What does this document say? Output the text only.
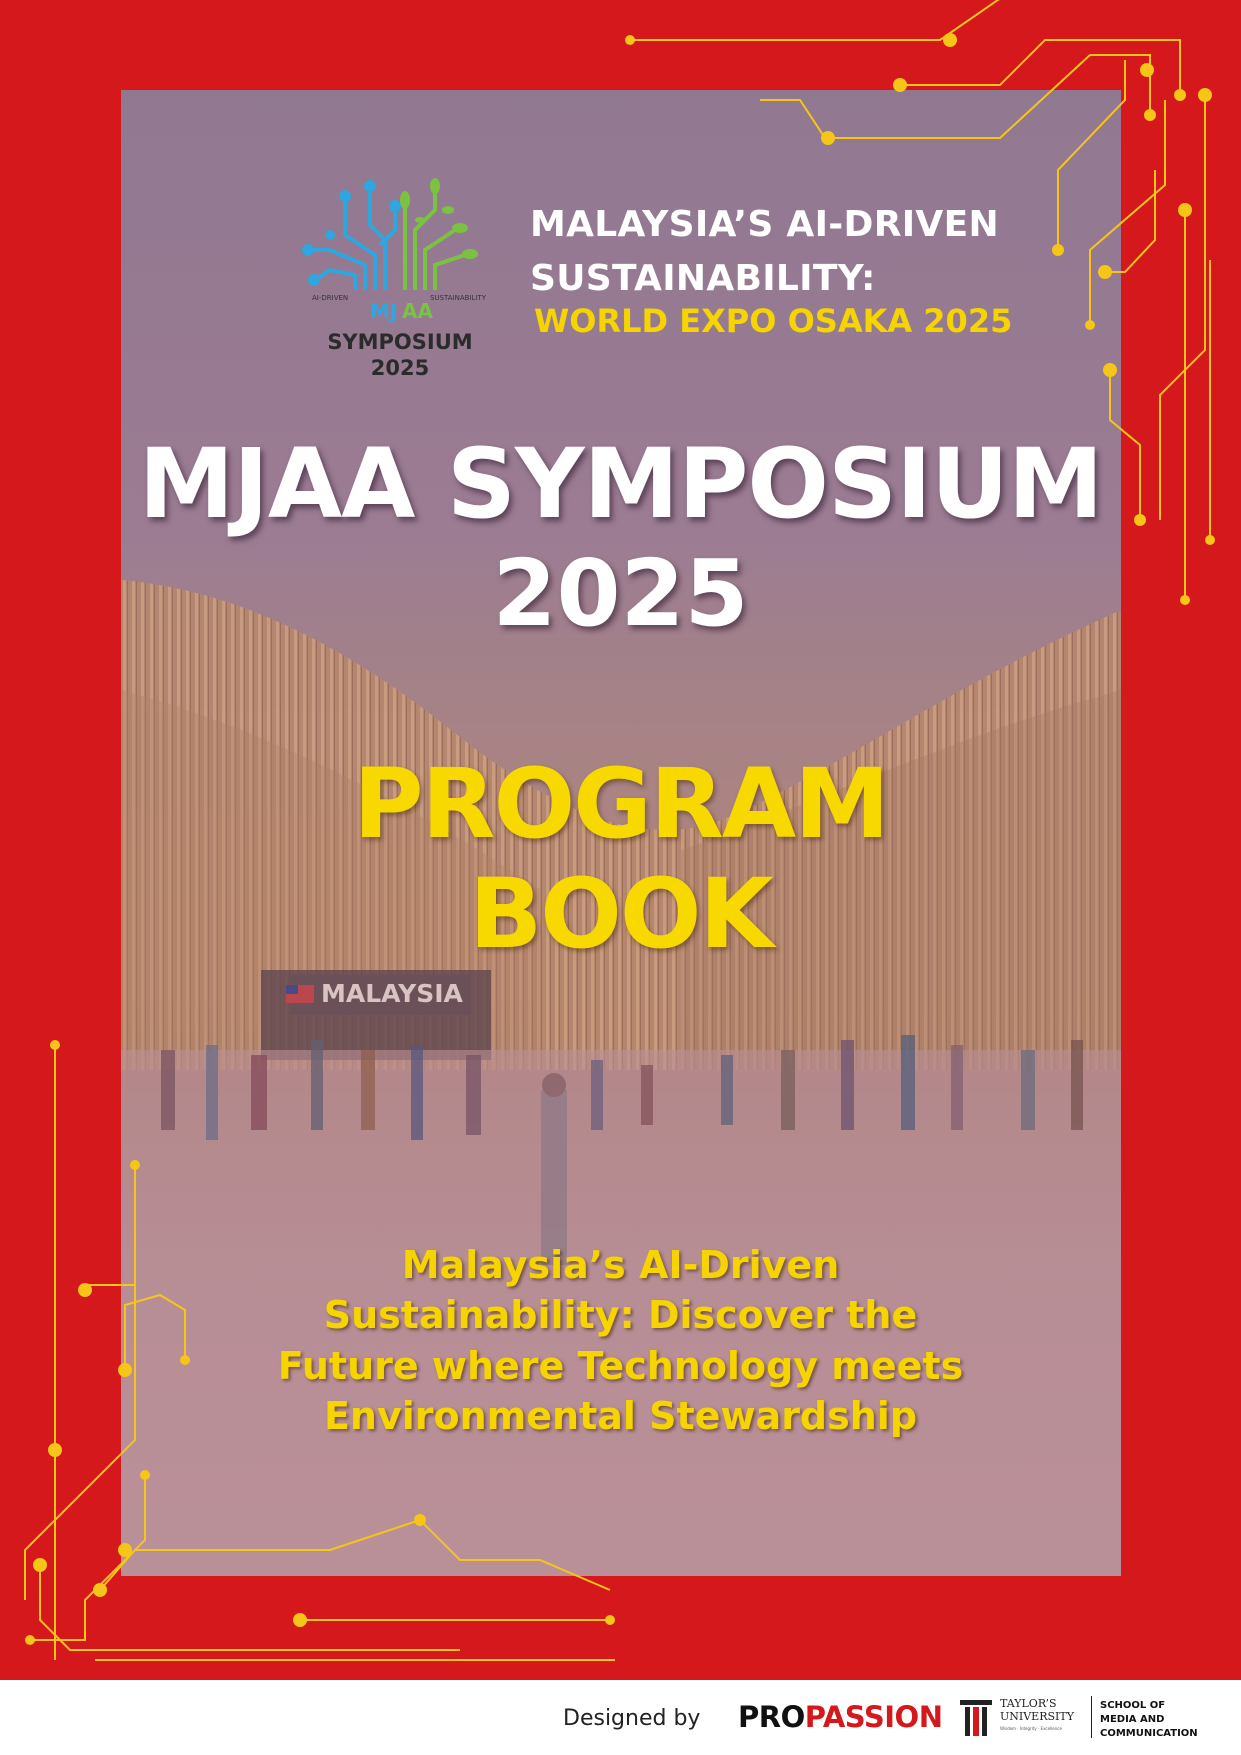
MALAYSIA
MJ AA

AI-DRIVEN	SUSTAINABILITY

SYMPOSIUM

2025

MALAYSIA’S AI-DRIVEN

SUSTAINABILITY:

WORLD EXPO OSAKA 2025

MJAA SYMPOSIUM
2025
PROGRAM
BOOK

Malaysia’s AI-Driven

Sustainability: Discover the

Future where Technology meets

Environmental Stewardship

Designed by PROPASSION	TAYLOR’S

UNIVERSITY

Wisdom · Integrity · Excellence

SCHOOL OF

MEDIA AND

COMMUNICATION
